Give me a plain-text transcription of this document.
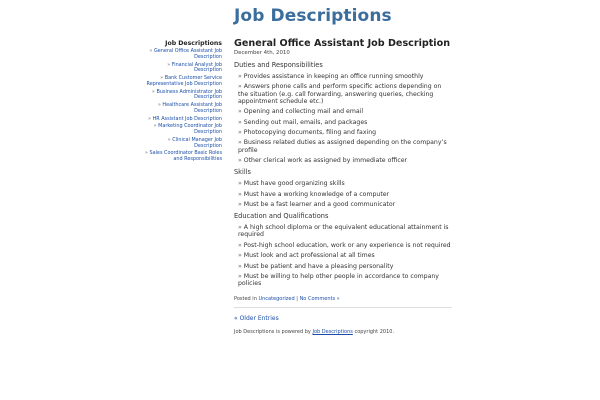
Job Descriptions
Job Descriptions
» General Office Assistant Job Description
» Financial Analyst Job Description
» Bank Customer Service Representative Job Description
» Business Administrator Job Description
» Healthcare Assistant Job Description
» HR Assistant Job Description
» Marketing Coordinator Job Description
» Clinical Manager Job Description
» Sales Coordinator Basic Roles and Responsibilities
General Office Assistant Job Description
December 4th, 2010
Duties and Responsibilities
» Provides assistance in keeping an office running smoothly
» Answers phone calls and perform specific actions depending on the situation (e.g. call forwarding, answering queries, checking appointment schedule etc.)
» Opening and collecting mail and email
» Sending out mail, emails, and packages
» Photocopying documents, filing and faxing
» Business related duties as assigned depending on the company’s profile
» Other clerical work as assigned by immediate officer
Skills
» Must have good organizing skills
» Must have a working knowledge of a computer
» Must be a fast learner and a good communicator
Education and Qualifications
» A high school diploma or the equivalent educational attainment is required
» Post-high school education, work or any experience is not required
» Must look and act professional at all times
» Must be patient and have a pleasing personality
» Must be willing to help other people in accordance to company policies
Posted in Uncategorized | No Comments »
« Older Entries
Job Descriptions is powered by Job Descriptions copyright 2010.
